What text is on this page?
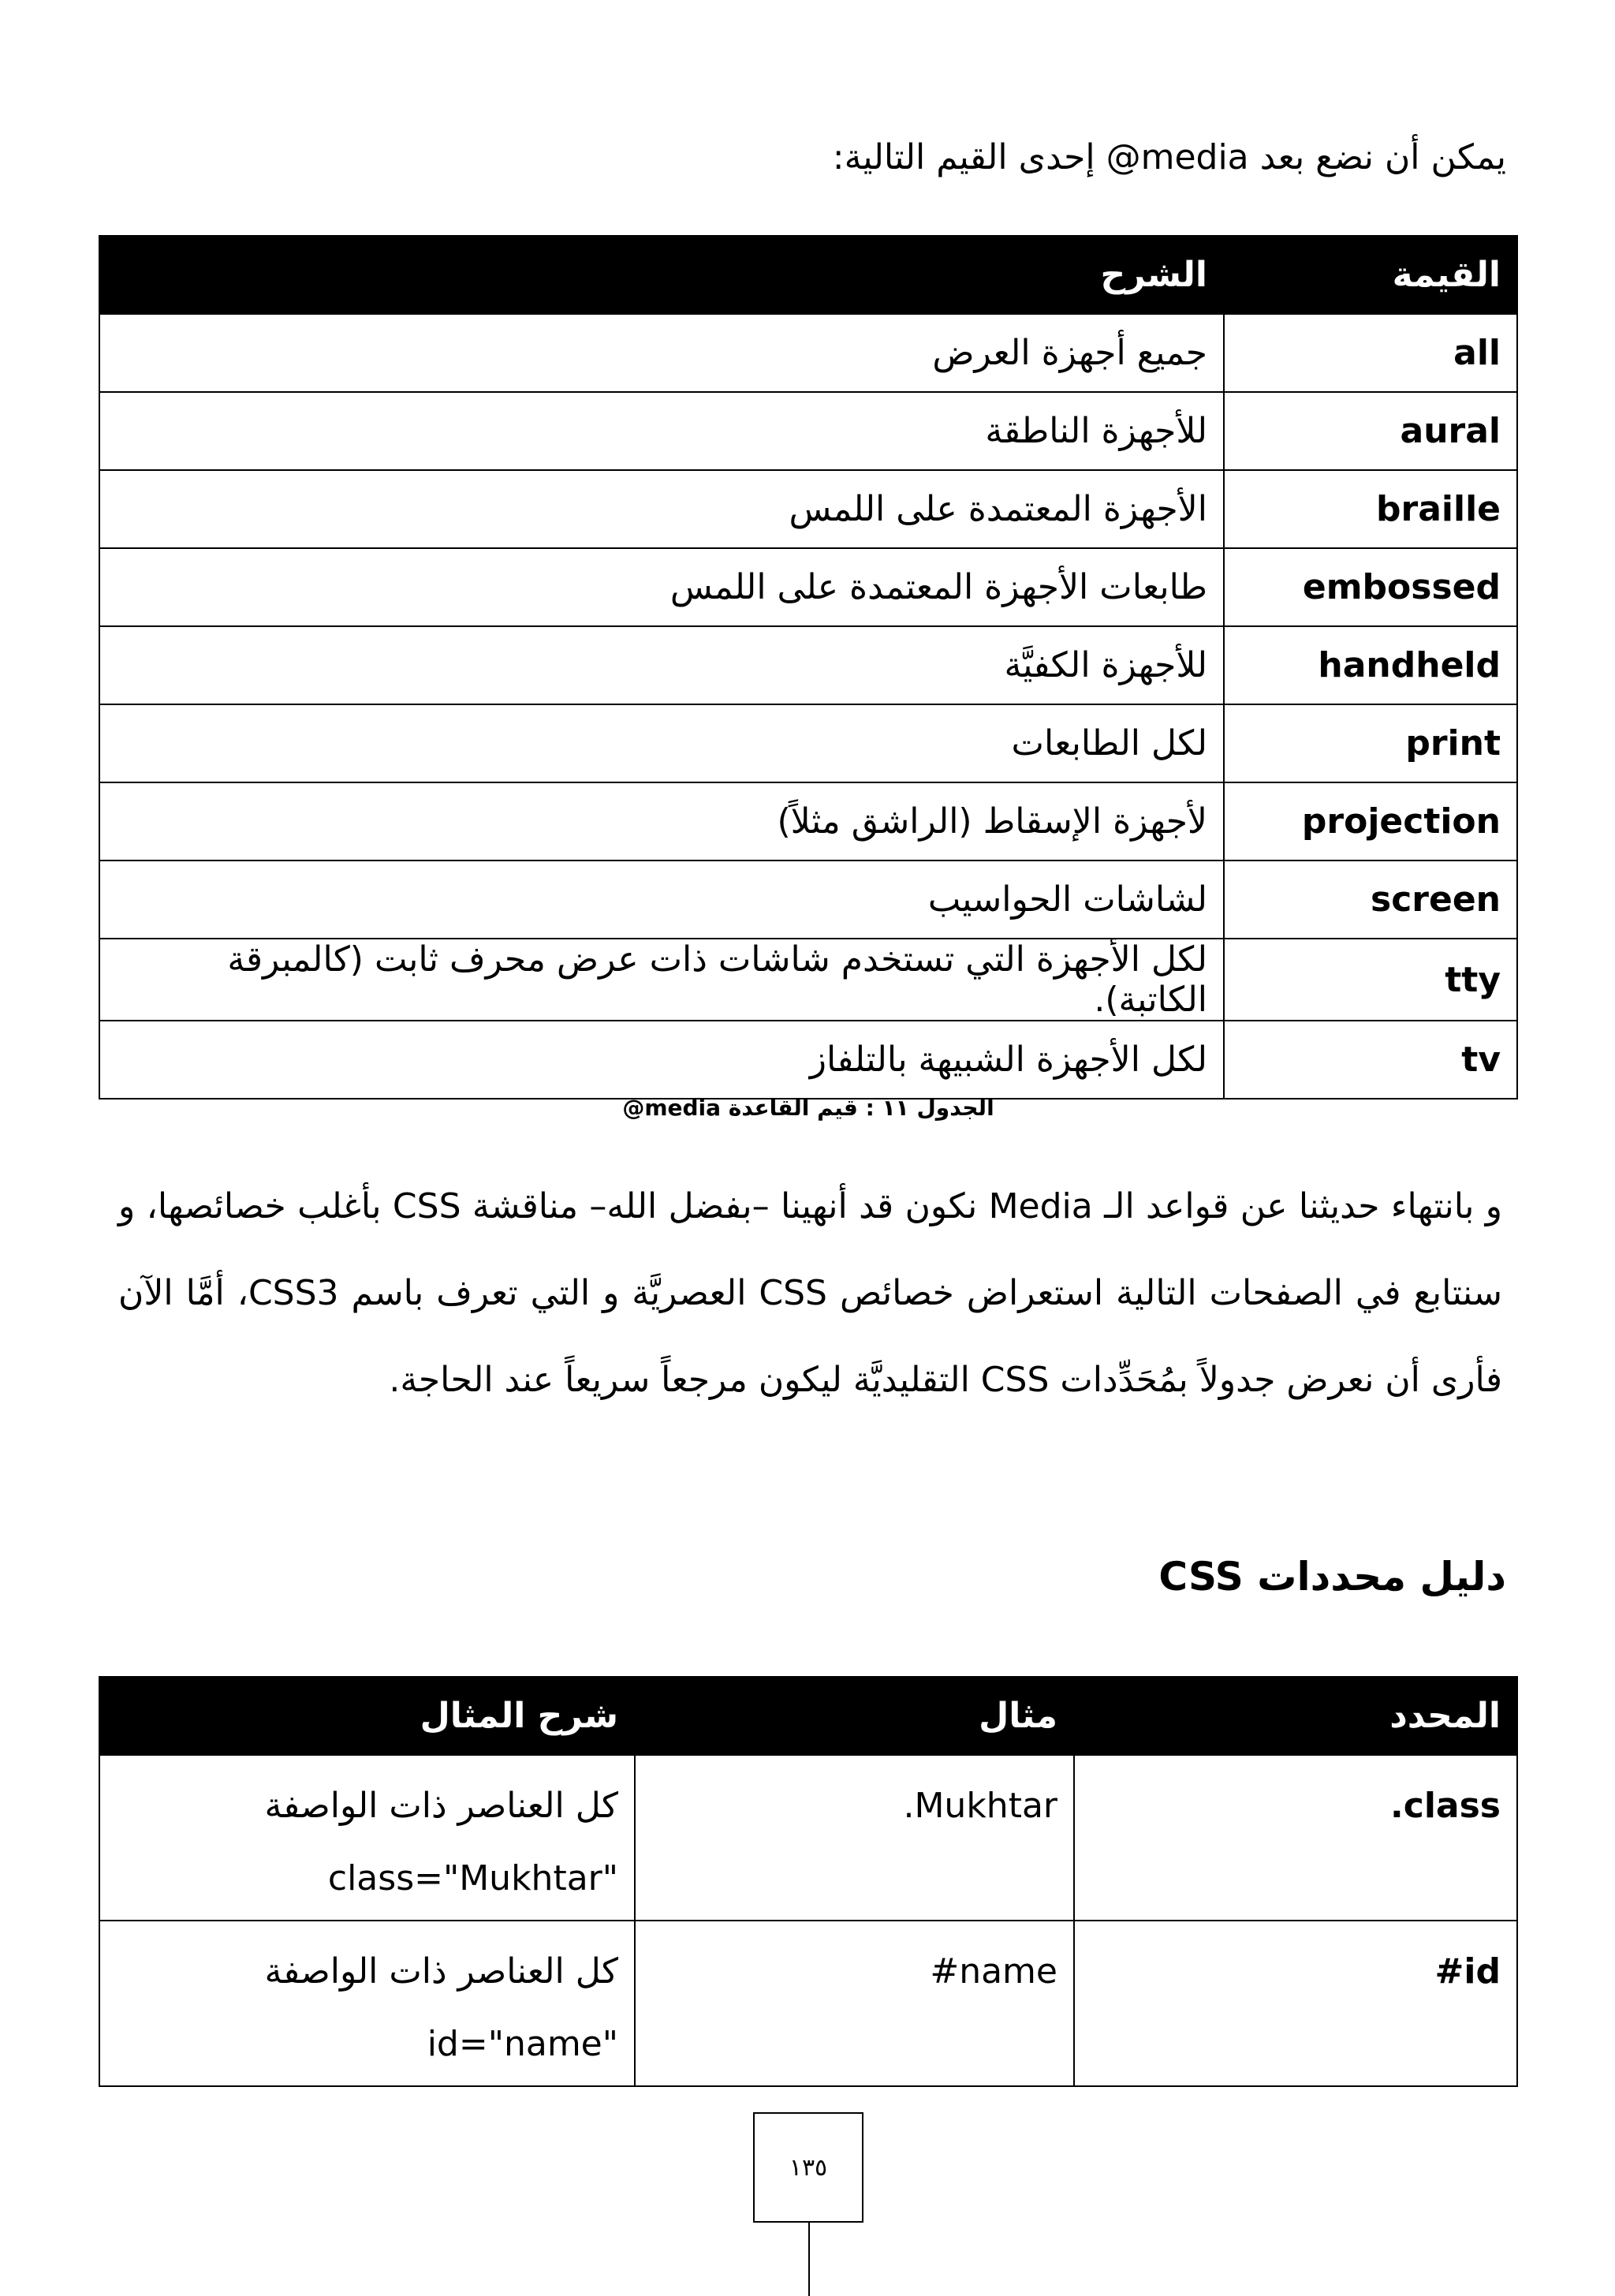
يمكن أن نضع بعد media@ إحدى القيم التالية:
القيمة	الشرح
all	جميع أجهزة العرض
aural	للأجهزة الناطقة
braille	الأجهزة المعتمدة على اللمس
embossed	طابعات الأجهزة المعتمدة على اللمس
handheld	للأجهزة الكفيَّة
print	لكل الطابعات
projection	لأجهزة الإسقاط (الراشق مثلاً)
screen	لشاشات الحواسيب
tty	لكل الأجهزة التي تستخدم شاشات ذات عرض محرف ثابت (كالمبرقة الكاتبة).
tv	لكل الأجهزة الشبيهة بالتلفاز
الجدول ١١ : قيم القاعدة media@
و بانتهاء حديثنا عن قواعد الـ Media نكون قد أنهينا –بفضل الله– مناقشة CSS بأغلب خصائصها، و سنتابع في الصفحات التالية استعراض خصائص CSS العصريَّة و التي تعرف باسم CSS3، أمَّا الآن فأرى أن نعرض جدولاً بمُحَدِّدات CSS التقليديَّة ليكون مرجعاً سريعاً عند الحاجة.
دليل محددات CSS
المحدد	مثال	شرح المثال
.class	.Mukhtar	كل العناصر ذات الواصفة "class="Mukhtar
#id	#name	كل العناصر ذات الواصفة "id="name
١٣٥
